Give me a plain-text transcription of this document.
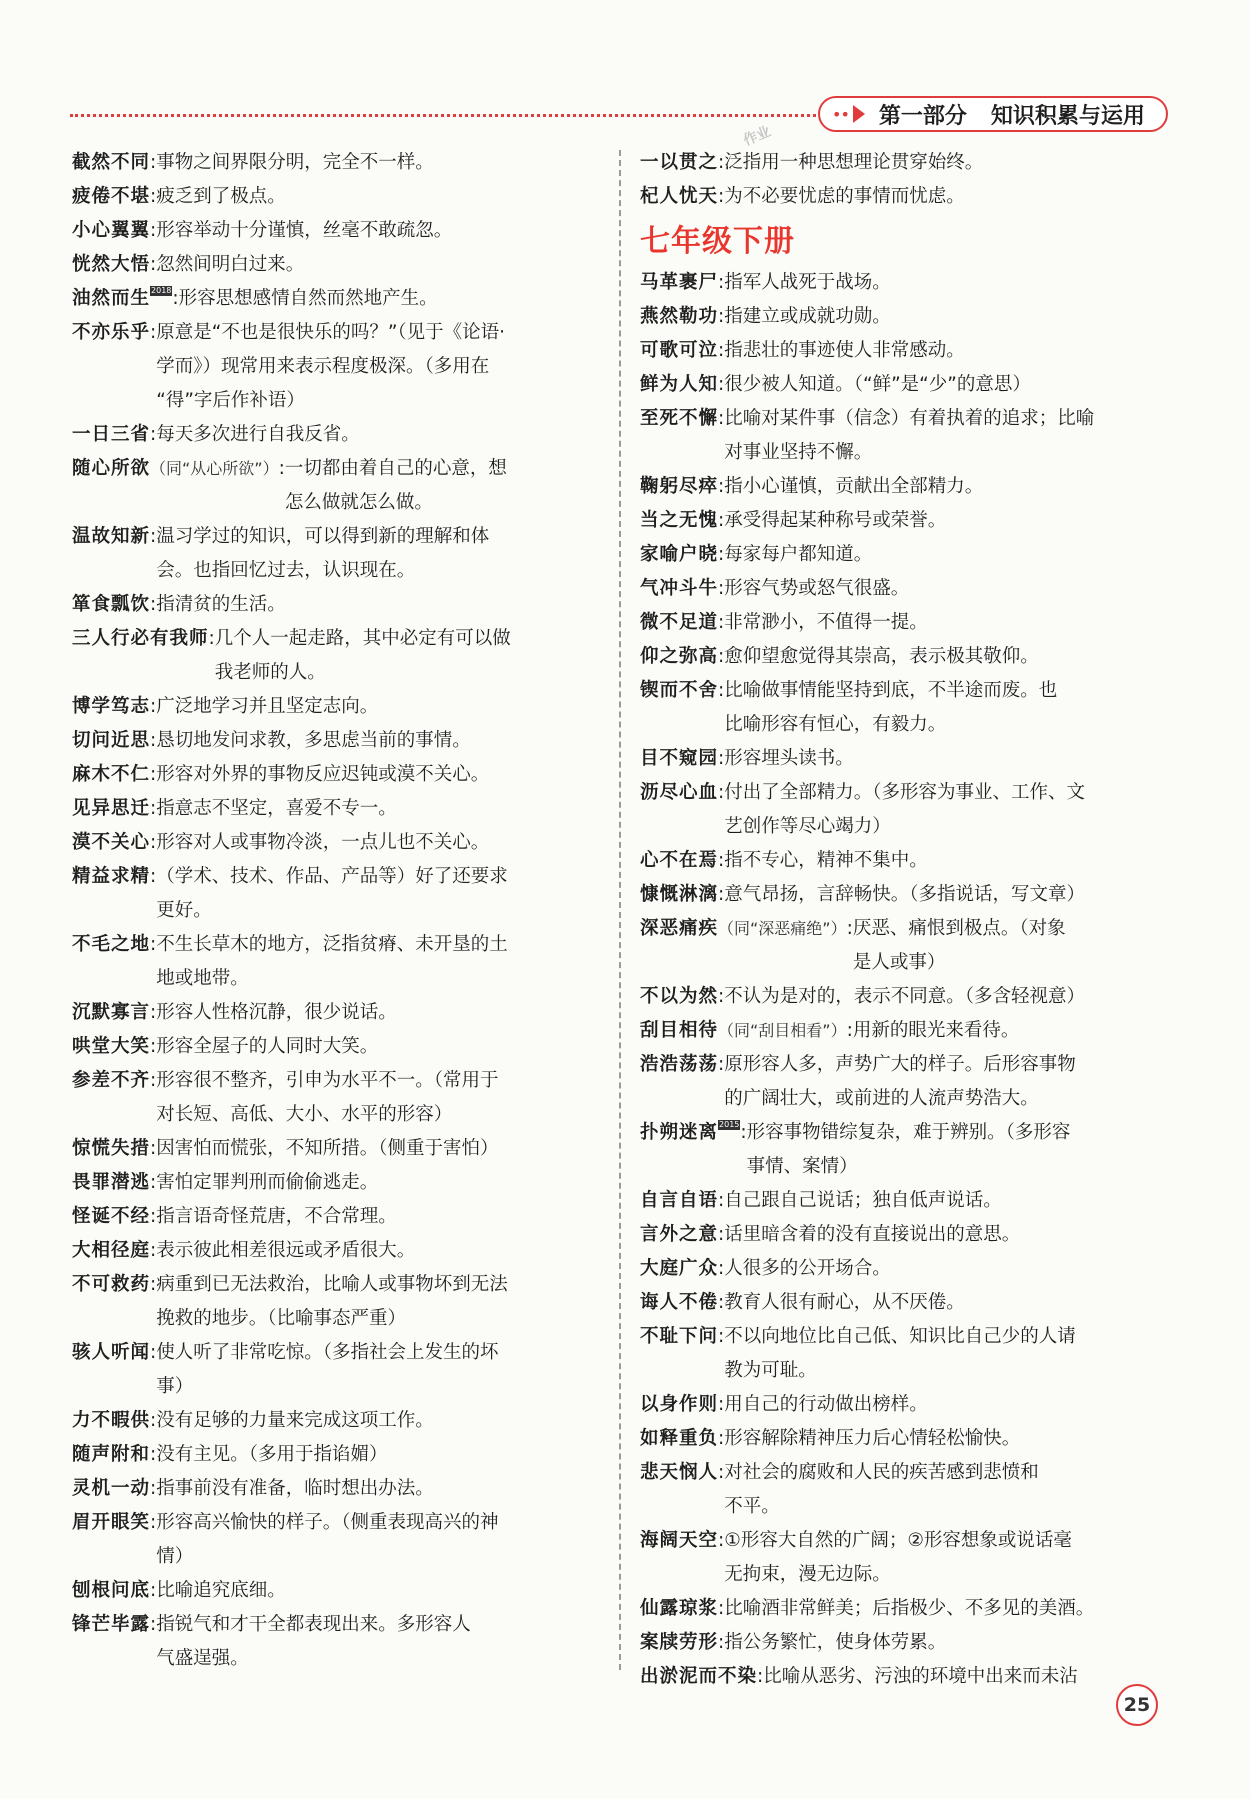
•• 第一部分 知识积累与运用
作业
截然不同:事物之间界限分明，完全不一样。
疲倦不堪:疲乏到了极点。
小心翼翼:形容举动十分谨慎，丝毫不敢疏忽。
恍然大悟:忽然间明白过来。
油然而生2018:形容思想感情自然而然地产生。
不亦乐乎:原意是“不也是很快乐的吗？”（见于《论语·
学而》）现常用来表示程度极深。（多用在
“得”字后作补语）
一日三省:每天多次进行自我反省。
随心所欲（同“从心所欲”）:一切都由着自己的心意，想
怎么做就怎么做。
温故知新:温习学过的知识，可以得到新的理解和体
会。也指回忆过去，认识现在。
箪食瓢饮:指清贫的生活。
三人行必有我师:几个人一起走路，其中必定有可以做
我老师的人。
博学笃志:广泛地学习并且坚定志向。
切问近思:恳切地发问求教，多思虑当前的事情。
麻木不仁:形容对外界的事物反应迟钝或漠不关心。
见异思迁:指意志不坚定，喜爱不专一。
漠不关心:形容对人或事物冷淡，一点儿也不关心。
精益求精:（学术、技术、作品、产品等）好了还要求
更好。
不毛之地:不生长草木的地方，泛指贫瘠、未开垦的土
地或地带。
沉默寡言:形容人性格沉静，很少说话。
哄堂大笑:形容全屋子的人同时大笑。
参差不齐:形容很不整齐，引申为水平不一。（常用于
对长短、高低、大小、水平的形容）
惊慌失措:因害怕而慌张，不知所措。（侧重于害怕）
畏罪潜逃:害怕定罪判刑而偷偷逃走。
怪诞不经:指言语奇怪荒唐，不合常理。
大相径庭:表示彼此相差很远或矛盾很大。
不可救药:病重到已无法救治，比喻人或事物坏到无法
挽救的地步。（比喻事态严重）
骇人听闻:使人听了非常吃惊。（多指社会上发生的坏
事）
力不暇供:没有足够的力量来完成这项工作。
随声附和:没有主见。（多用于指谄媚）
灵机一动:指事前没有准备，临时想出办法。
眉开眼笑:形容高兴愉快的样子。（侧重表现高兴的神
情）
刨根问底:比喻追究底细。
锋芒毕露:指锐气和才干全都表现出来。多形容人
气盛逞强。
一以贯之:泛指用一种思想理论贯穿始终。
杞人忧天:为不必要忧虑的事情而忧虑。
七年级下册
马革裹尸:指军人战死于战场。
燕然勒功:指建立或成就功勋。
可歌可泣:指悲壮的事迹使人非常感动。
鲜为人知:很少被人知道。（“鲜”是“少”的意思）
至死不懈:比喻对某件事（信念）有着执着的追求；比喻
对事业坚持不懈。
鞠躬尽瘁:指小心谨慎，贡献出全部精力。
当之无愧:承受得起某种称号或荣誉。
家喻户晓:每家每户都知道。
气冲斗牛:形容气势或怒气很盛。
微不足道:非常渺小，不值得一提。
仰之弥高:愈仰望愈觉得其崇高，表示极其敬仰。
锲而不舍:比喻做事情能坚持到底，不半途而废。也
比喻形容有恒心，有毅力。
目不窥园:形容埋头读书。
沥尽心血:付出了全部精力。（多形容为事业、工作、文
艺创作等尽心竭力）
心不在焉:指不专心，精神不集中。
慷慨淋漓:意气昂扬，言辞畅快。（多指说话，写文章）
深恶痛疾（同“深恶痛绝”）:厌恶、痛恨到极点。（对象
是人或事）
不以为然:不认为是对的，表示不同意。（多含轻视意）
刮目相待（同“刮目相看”）:用新的眼光来看待。
浩浩荡荡:原形容人多，声势广大的样子。后形容事物
的广阔壮大，或前进的人流声势浩大。
扑朔迷离2015:形容事物错综复杂，难于辨别。（多形容
事情、案情）
自言自语:自己跟自己说话；独自低声说话。
言外之意:话里暗含着的没有直接说出的意思。
大庭广众:人很多的公开场合。
诲人不倦:教育人很有耐心，从不厌倦。
不耻下问:不以向地位比自己低、知识比自己少的人请
教为可耻。
以身作则:用自己的行动做出榜样。
如释重负:形容解除精神压力后心情轻松愉快。
悲天悯人:对社会的腐败和人民的疾苦感到悲愤和
不平。
海阔天空:①形容大自然的广阔；②形容想象或说话毫
无拘束，漫无边际。
仙露琼浆:比喻酒非常鲜美；后指极少、不多见的美酒。
案牍劳形:指公务繁忙，使身体劳累。
出淤泥而不染:比喻从恶劣、污浊的环境中出来而未沾
25
